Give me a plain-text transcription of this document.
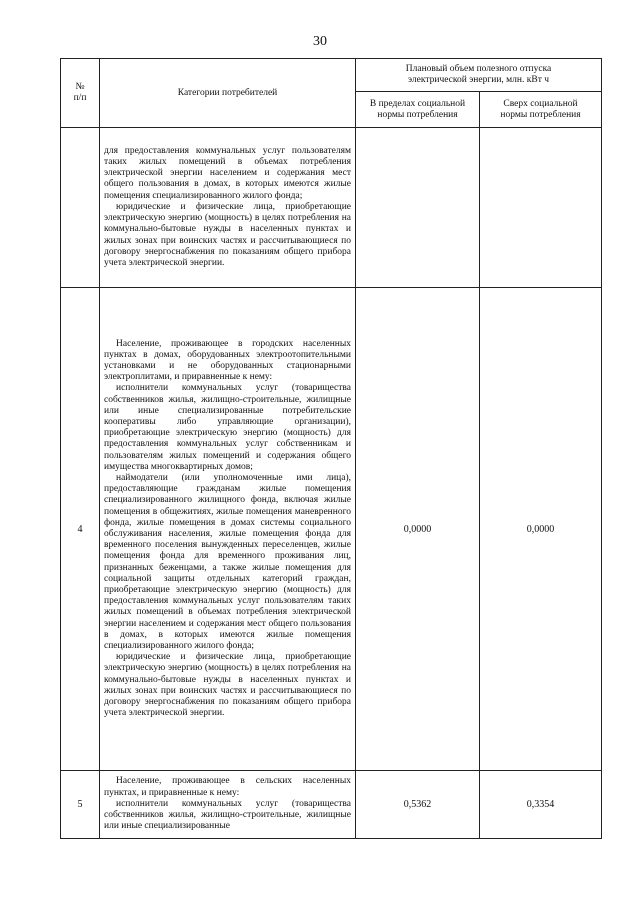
30
№
п/п	Категории потребителей	Плановый объем полезного отпуска электрической энергии, млн. кВт ч	
		В пределах социальной нормы потребления	Сверх социальной нормы потребления

	для предоставления коммунальных услуг пользователям таких жилых помещений в объемах потребления электрической энергии населением и содержания мест общего пользования в домах, в которых имеются жилые помещения специализированного жилого фонда;

юридические и физические лица, приобретающие электрическую энергию (мощность) в целях потребления на коммунально-бытовые нужды в населенных пунктах и жилых зонах при воинских частях и рассчитывающиеся по договору энергоснабжения по показаниям общего прибора учета электрической энергии.		

4	Население, проживающее в городских населенных пунктах в домах, оборудованных электроотопительными установками и не оборудованных стационарными электроплитами, и приравненные к нему:

исполнители коммунальных услуг (товарищества собственников жилья, жилищно-строительные, жилищные или иные специализированные потребительские кооперативы либо управляющие организации), приобретающие электрическую энергию (мощность) для предоставления коммунальных услуг собственникам и пользователям жилых помещений и содержания общего имущества многоквартирных домов;

наймодатели (или уполномоченные ими лица), предоставляющие гражданам жилые помещения специализированного жилищного фонда, включая жилые помещения в общежитиях, жилые помещения маневренного фонда, жилые помещения в домах системы социального обслуживания населения, жилые помещения фонда для временного поселения вынужденных переселенцев, жилые помещения фонда для временного проживания лиц, признанных беженцами, а также жилые помещения для социальной защиты отдельных категорий граждан, приобретающие электрическую энергию (мощность) для предоставления коммунальных услуг пользователям таких жилых помещений в объемах потребления электрической энергии населением и содержания мест общего пользования в домах, в которых имеются жилые помещения специализированного жилого фонда;

юридические и физические лица, приобретающие электрическую энергию (мощность) в целях потребления на коммунально-бытовые нужды в населенных пунктах и жилых зонах при воинских частях и рассчитывающиеся по договору энергоснабжения по показаниям общего прибора учета электрической энергии.	0,0000	0,0000
5	Население, проживающее в сельских населенных пунктах, и приравненные к нему:

исполнители коммунальных услуг (товарищества собственников жилья, жилищно-строительные, жилищные или иные специализированные	0,5362	0,3354
